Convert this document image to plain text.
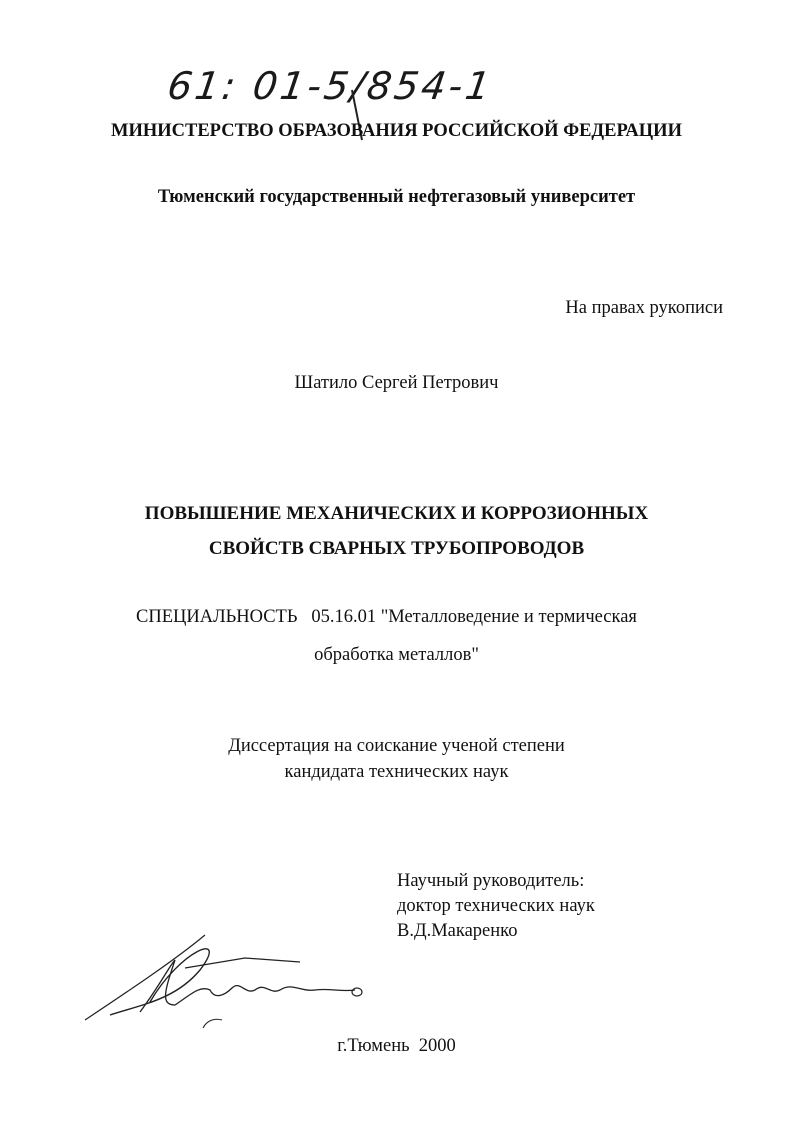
61: 01-5/854-1
МИНИСТЕРСТВО ОБРАЗОВАНИЯ РОССИЙСКОЙ ФЕДЕРАЦИИ
Тюменский государственный нефтегазовый университет
На правах рукописи
Шатило Сергей Петрович
ПОВЫШЕНИЕ МЕХАНИЧЕСКИХ И КОРРОЗИОННЫХ
СВОЙСТВ СВАРНЫХ ТРУБОПРОВОДОВ
СПЕЦИАЛЬНОСТЬ   05.16.01 "Металловедение и термическая
обработка металлов"
Диссертация на соискание ученой степени
кандидата технических наук
Научный руководитель:
доктор технических наук
В.Д.Макаренко
г.Тюмень  2000
